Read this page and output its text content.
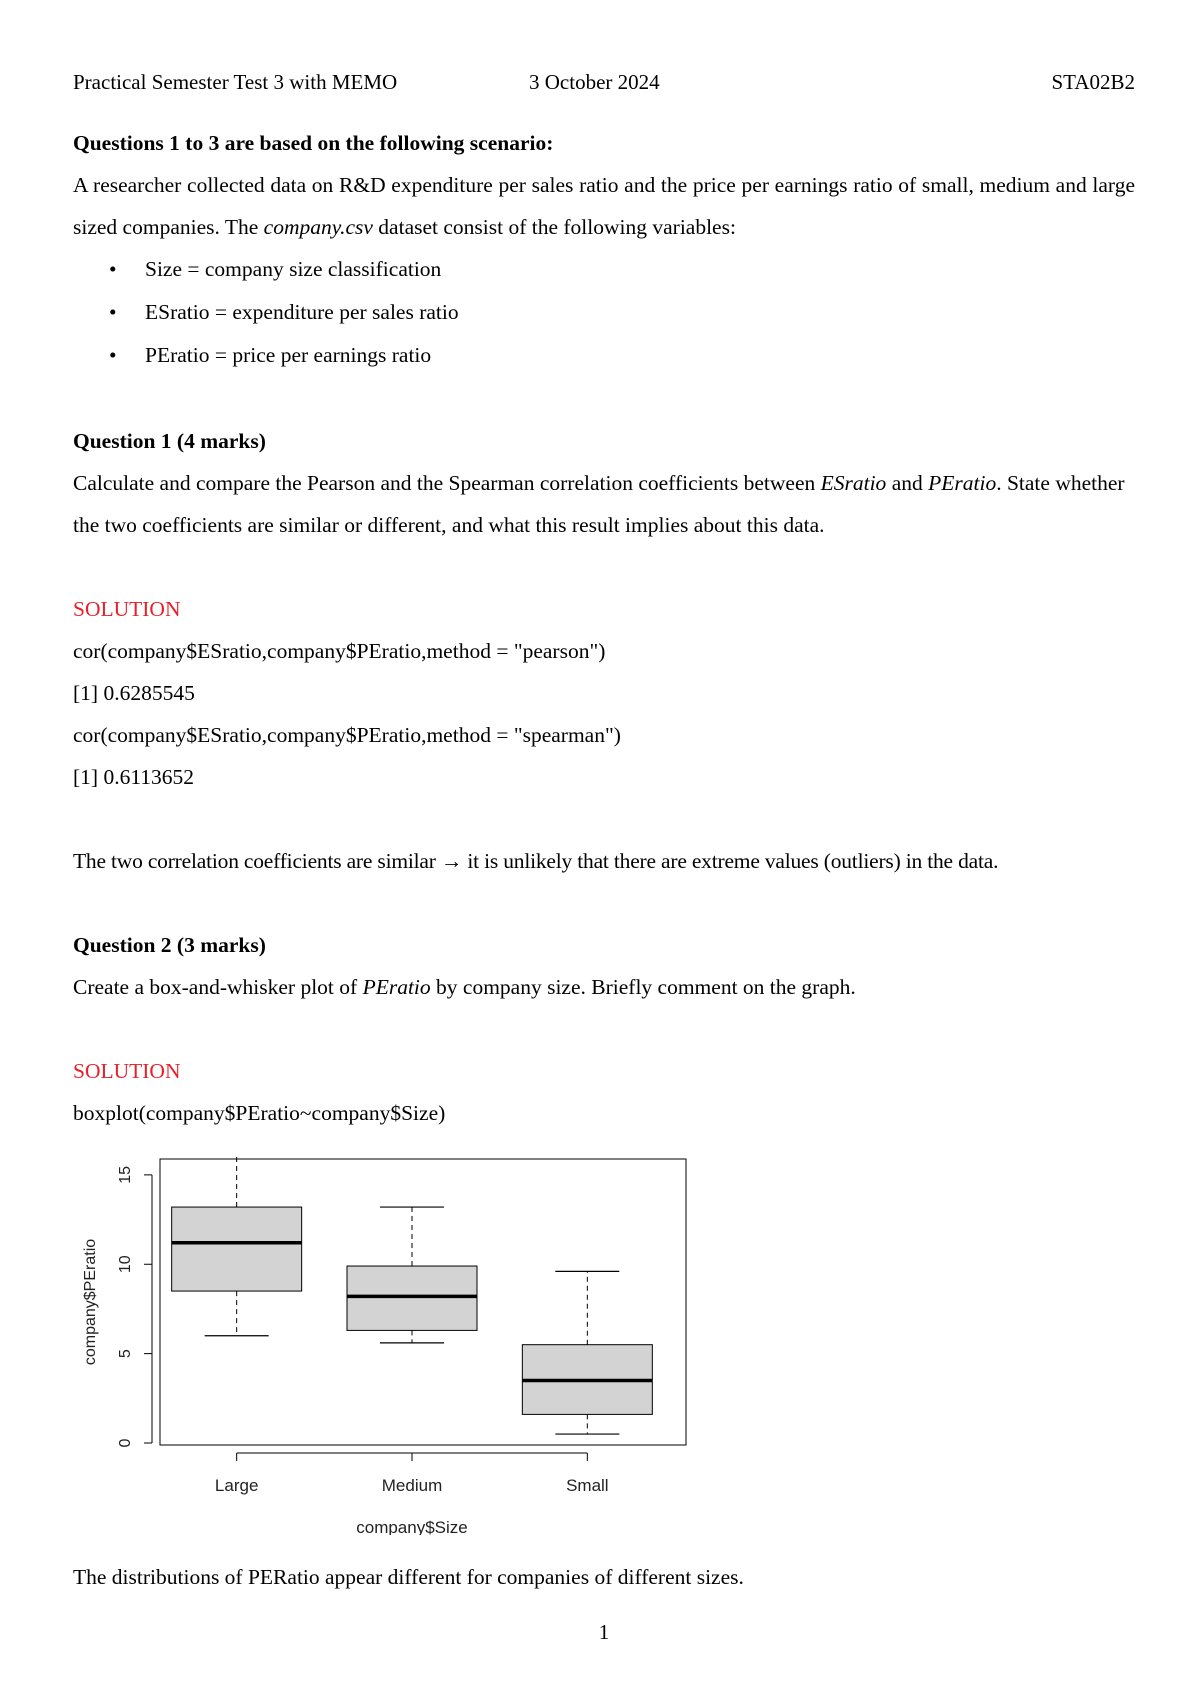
Practical Semester Test 3 with MEMO	3 October 2024	STA02B2
Questions 1 to 3 are based on the following scenario:
A researcher collected data on R&D expenditure per sales ratio and the price per earnings ratio of small, medium and large sized companies. The company.csv dataset consist of the following variables:
• Size = company size classification
• ESratio = expenditure per sales ratio
• PEratio = price per earnings ratio
Question 1 (4 marks)
Calculate and compare the Pearson and the Spearman correlation coefficients between ESratio and PEratio. State whether the two coefficients are similar or different, and what this result implies about this data.
SOLUTION
cor(company$ESratio,company$PEratio,method = "pearson")
[1] 0.6285545
cor(company$ESratio,company$PEratio,method = "spearman")
[1] 0.6113652
The two correlation coefficients are similar → it is unlikely that there are extreme values (outliers) in the data.
Question 2 (3 marks)
Create a box-and-whisker plot of PEratio by company size. Briefly comment on the graph.
SOLUTION
boxplot(company$PEratio~company$Size)
0
5
10
15
company$PEratio
Large	Medium	Small
company$Size
The distributions of PERatio appear different for companies of different sizes.
1
